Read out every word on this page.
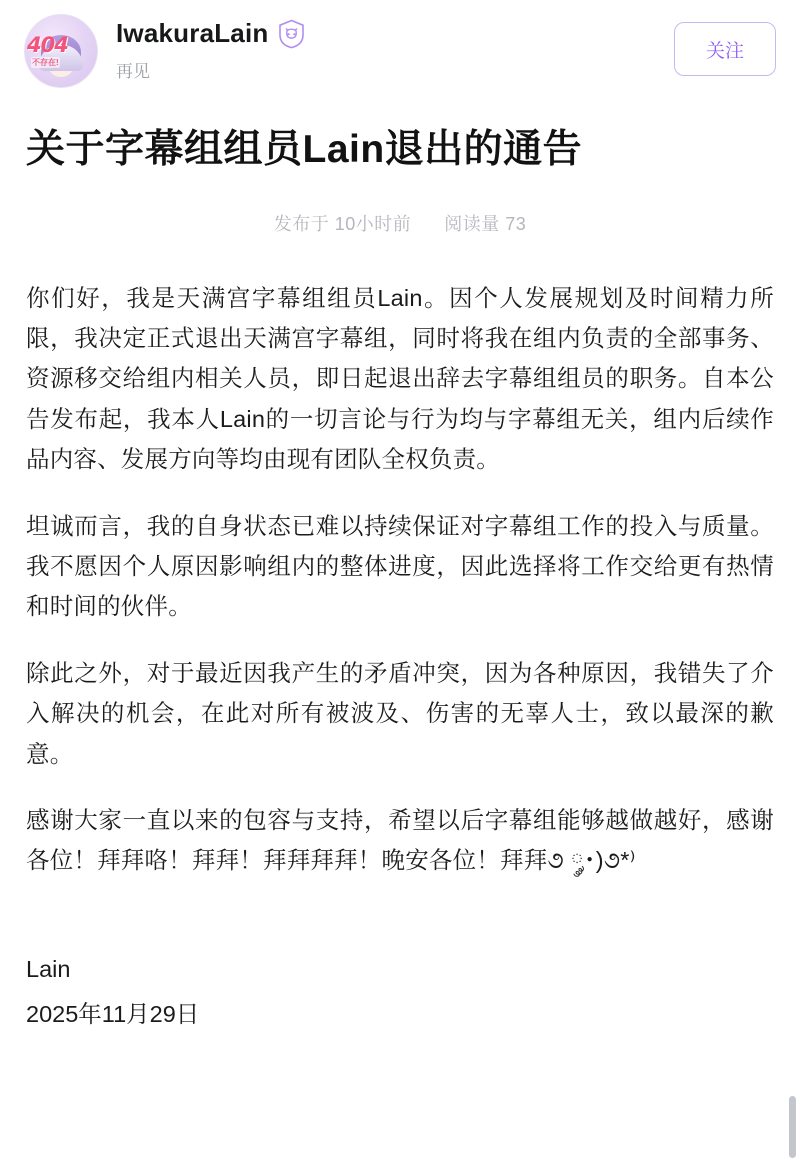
404
不存在!
IwakuraLain
再见
关注
关于字幕组组员Lain退出的通告
发布于 10小时前 阅读量 73

你们好，我是天满宫字幕组组员Lain。因个人发展规划及时间精力所限，我决定正式退出天满宫字幕组，同时将我在组内负责的全部事务、资源移交给组内相关人员，即日起退出辞去字幕组组员的职务。自本公告发布起，我本人Lain的一切言论与行为均与字幕组无关，组内后续作品内容、发展方向等均由现有团队全权负责。

坦诚而言，我的自身状态已难以持续保证对字幕组工作的投入与质量。我不愿因个人原因影响组内的整体进度，因此选择将工作交给更有热情和时间的伙伴。

除此之外，对于最近因我产生的矛盾冲突，因为各种原因，我错失了介入解决的机会，在此对所有被波及、伤害的无辜人士，致以最深的歉意。

感谢大家一直以来的包容与支持，希望以后字幕组能够越做越好，感谢各位！拜拜咯！拜拜！拜拜拜拜！晚安各位！拜拜૭ ༘･)૭*⁾

Lain

2025年11月29日
